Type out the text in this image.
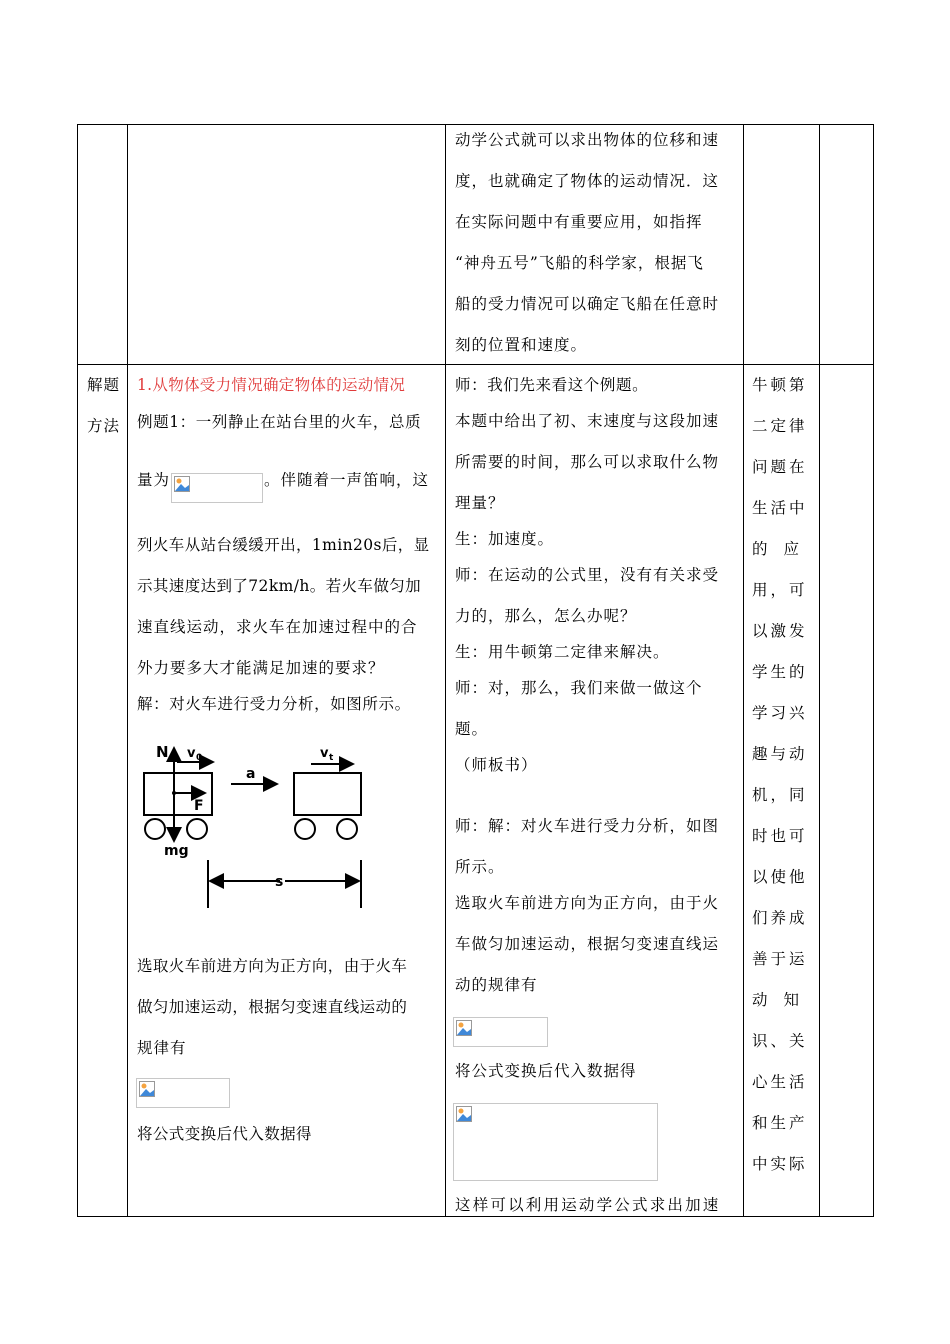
动学公式就可以求出物体的位移和速
度，也就确定了物体的运动情况．这
在实际问题中有重要应用，如指挥
“神舟五号”飞船的科学家，根据飞
船的受力情况可以确定飞船在任意时
刻的位置和速度。
解题
方法
1.从物体受力情况确定物体的运动情况
例题1：一列静止在站台里的火车，总质
量为	。伴随着一声笛响，这
列火车从站台缓缓开出，1min20s后，显
示其速度达到了72km/h。若火车做匀加
速直线运动，求火车在加速过程中的合
外力要多大才能满足加速的要求？
解：对火车进行受力分析，如图所示。
N v 0
F
mg
a
v t
s
选取火车前进方向为正方向，由于火车
做匀加速运动，根据匀变速直线运动的
规律有
将公式变换后代入数据得
师：我们先来看这个例题。
本题中给出了初、末速度与这段加速
所需要的时间，那么可以求取什么物
理量？
生：加速度。
师：在运动的公式里，没有有关求受
力的，那么，怎么办呢？
生：用牛顿第二定律来解决。
师：对，那么，我们来做一做这个
题。
（师板书）
师：解：对火车进行受力分析，如图
所示。
选取火车前进方向为正方向，由于火
车做匀加速运动，根据匀变速直线运
动的规律有
将公式变换后代入数据得
这样可以利用运动学公式求出加速
牛顿第
二定律
问题在
生活中
的应
用，可
以激发
学生的
学习兴
趣与动
机，同
时也可
以使他
们养成
善于运
动知
识、关
心生活
和生产
中实际
